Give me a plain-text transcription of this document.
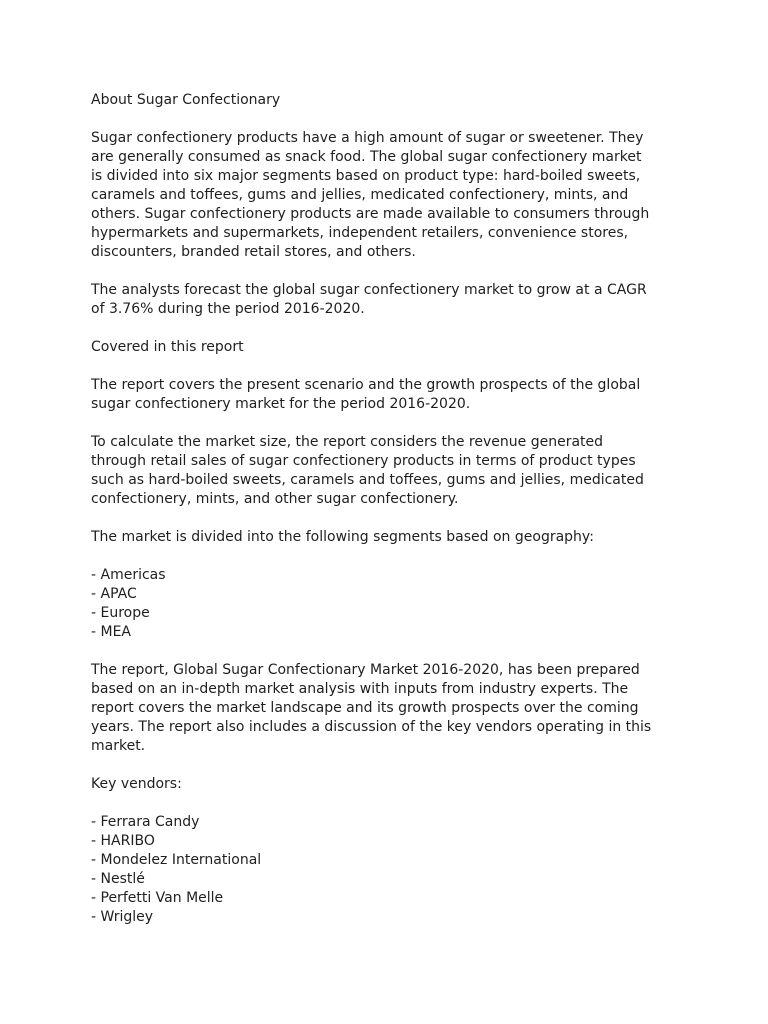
About Sugar Confectionary

Sugar confectionery products have a high amount of sugar or sweetener. They are generally consumed as snack food. The global sugar confectionery market is divided into six major segments based on product type: hard-boiled sweets, caramels and toffees, gums and jellies, medicated confectionery, mints, and others. Sugar confectionery products are made available to consumers through hypermarkets and supermarkets, independent retailers, convenience stores, discounters, branded retail stores, and others.

The analysts forecast the global sugar confectionery market to grow at a CAGR of 3.76% during the period 2016-2020.

Covered in this report

The report covers the present scenario and the growth prospects of the global sugar confectionery market for the period 2016-2020.

To calculate the market size, the report considers the revenue generated through retail sales of sugar confectionery products in terms of product types such as hard-boiled sweets, caramels and toffees, gums and jellies, medicated confectionery, mints, and other sugar confectionery.

The market is divided into the following segments based on geography:

- Americas
- APAC
- Europe
- MEA

The report, Global Sugar Confectionary Market 2016-2020, has been prepared based on an in-depth market analysis with inputs from industry experts. The report covers the market landscape and its growth prospects over the coming years. The report also includes a discussion of the key vendors operating in this market.

Key vendors:

- Ferrara Candy
- HARIBO
- Mondelez International
- Nestlé
- Perfetti Van Melle
- Wrigley
